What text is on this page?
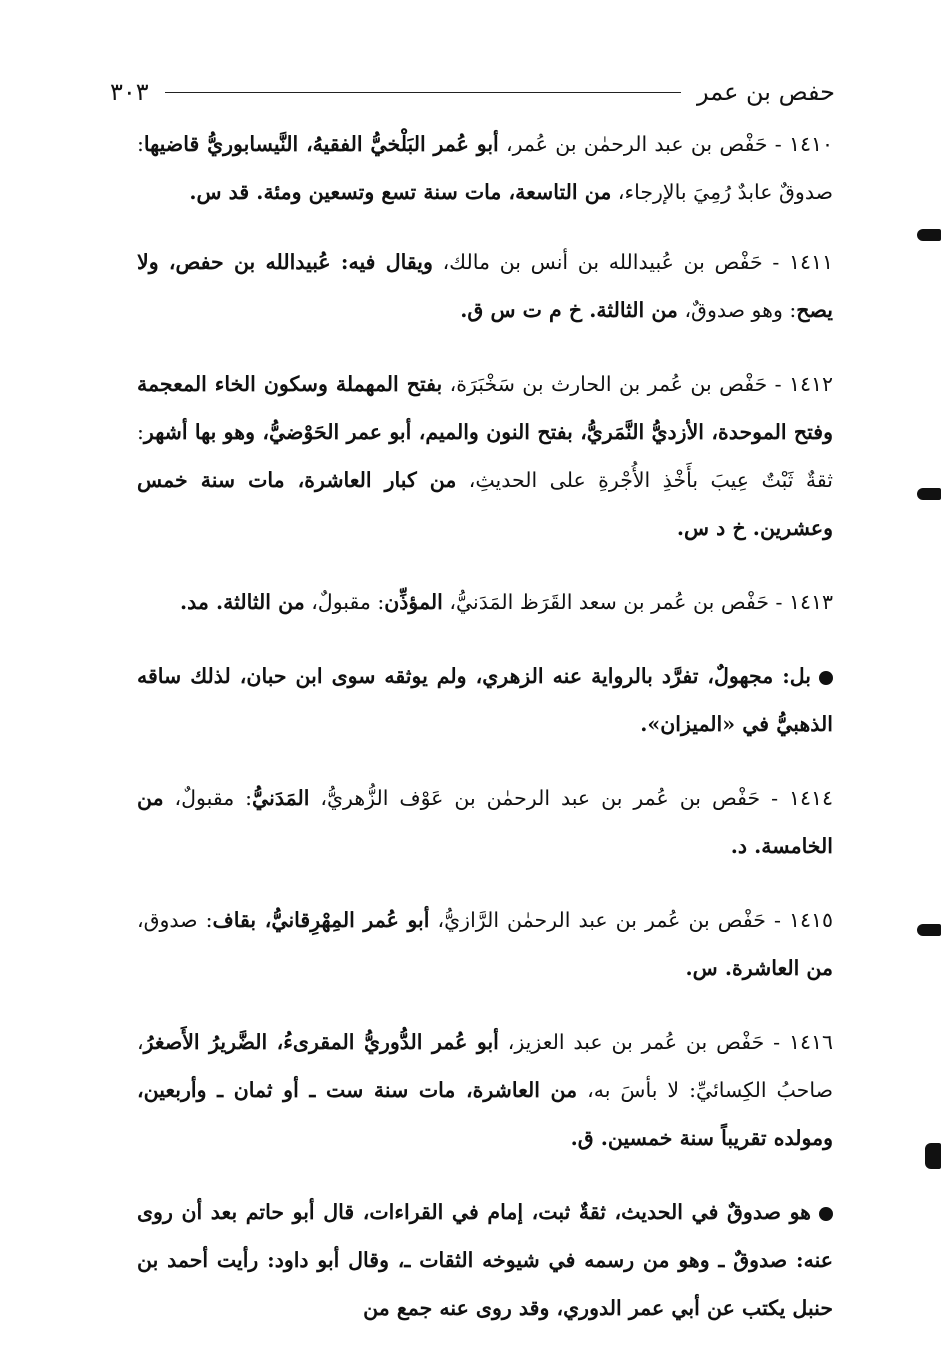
حفص بن عمر
٣٠٣

١٤١٠ - حَفْص بن عبد الرحمٰن بن عُمر، أبو عُمر البَلْخيُّ الفقيهُ، النَّيسابوريُّ قاضيها: صدوقٌ عابدٌ رُمِيَ بالإرجاء، من التاسعة، مات سنة تسع وتسعين ومئة. قد س.

١٤١١ - حَفْص بن عُبيدالله بن أنس بن مالك، ويقال فيه: عُبيدالله بن حفص، ولا يصح: وهو صدوقٌ، من الثالثة. خ م ت س ق.

١٤١٢ - حَفْص بن عُمر بن الحارث بن سَخْبَرَة، بفتح المهملة وسكون الخاء المعجمة وفتح الموحدة، الأزديُّ النَّمَريُّ، بفتح النون والميم، أبو عمر الحَوْضيُّ، وهو بها أشهر: ثقةٌ ثَبْتٌ عِيبَ بأَخْذِ الأُجْرةِ على الحديثِ، من كبار العاشرة، مات سنة خمس وعشرين. خ د س.

١٤١٣ - حَفْص بن عُمر بن سعد القَرَظ المَدَنيُّ، المؤذِّن: مقبولٌ، من الثالثة. مد.

بل: مجهولٌ، تفرَّد بالرواية عنه الزهري، ولم يوثقه سوى ابن حبان، لذلك ساقه الذهبيُّ في «الميزان».

١٤١٤ - حَفْص بن عُمر بن عبد الرحمٰن بن عَوْف الزُّهريُّ، المَدَنيُّ: مقبولٌ، من الخامسة. د.

١٤١٥ - حَفْص بن عُمر بن عبد الرحمٰن الرَّازيُّ، أبو عُمر المِهْرِقانيُّ، بقاف: صدوق، من العاشرة. س.

١٤١٦ - حَفْص بن عُمر بن عبد العزيز، أبو عُمر الدُّوريُّ المقرىءُ، الضَّريرُ الأَصغرُ، صاحبُ الكِسائيِّ: لا بأسَ به، من العاشرة، مات سنة ست ـ أو ثمان ـ وأربعين، ومولده تقريباً سنة خمسين. ق.

هو صدوقٌ في الحديث، ثقةٌ ثبت، إمام في القراءات، قال أبو حاتم بعد أن روى عنه: صدوقٌ ـ وهو من رسمه في شيوخه الثقات ـ، وقال أبو داود: رأيت أحمد بن حنبل يكتب عن أبي عمر الدوري، وقد روى عنه جمع من
